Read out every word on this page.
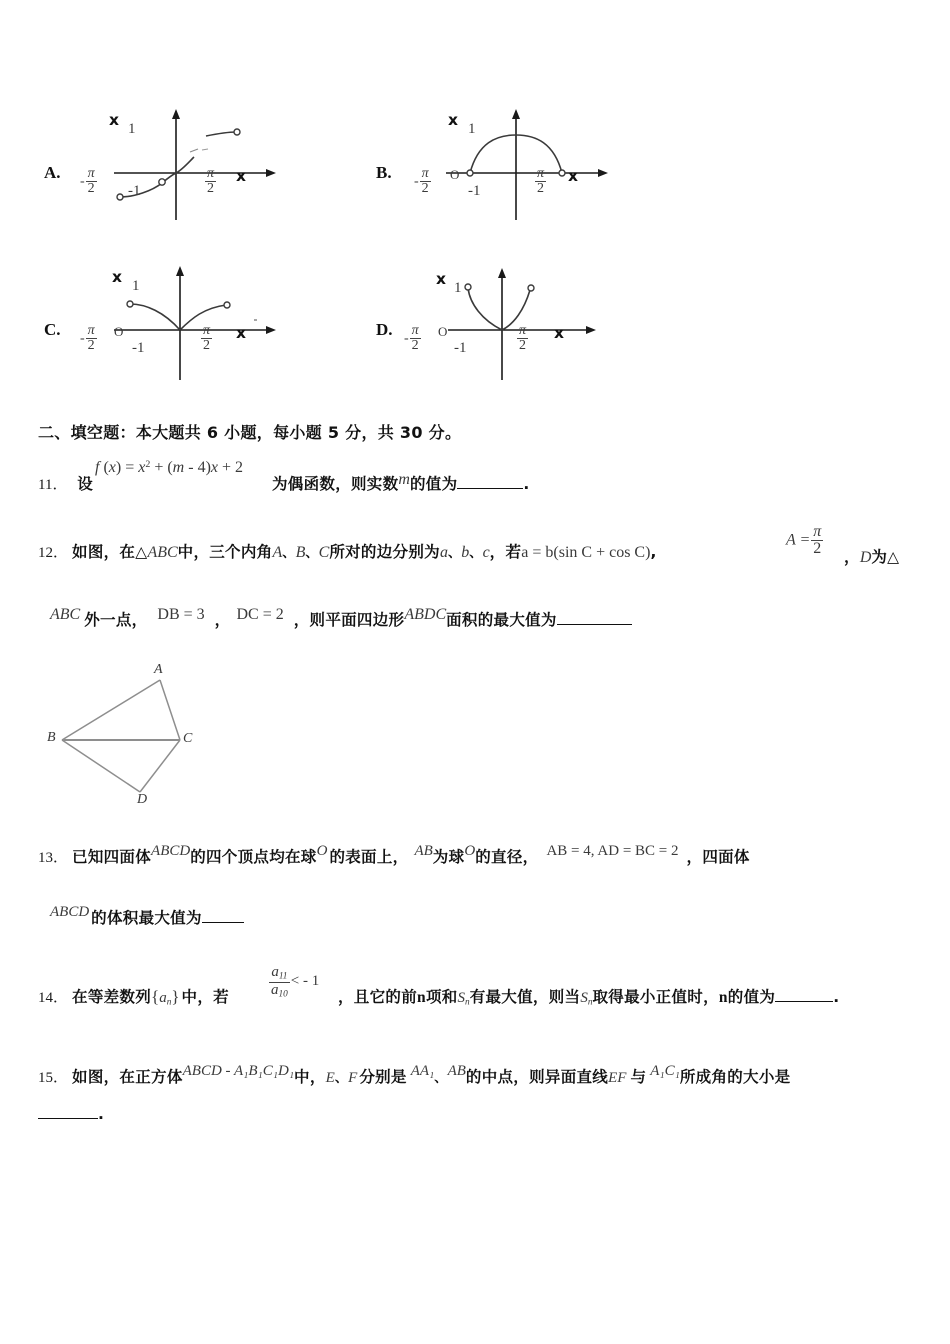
A.
x 1
-1
x
- $\frac{\pi}{2}$	$\frac{\pi}{2}$	B.
x 1
-1
x
O
- $\frac{\pi}{2}$	$\frac{\pi}{2}$
C.
x 1
-1
x
O
- $\frac{\pi}{2}$	$\frac{\pi}{2}$	D.
x 1
-1
x
O
- $\frac{\pi}{2}$	$\frac{\pi}{2}$
二、填空题：本大题共 6 小题，每小题 5 分，共 30 分。
11． 设
f $(x) = x^2 + (m - 4)x + 2$
为偶函数，则实数m的值为	.
12． 如图，在△ABC中，三个内角A、B、C所对的边分别为a、b、c，若a = b(sin C + cos C),
$A = \frac{\pi}{2}$ ，D为△
ABC 外一点， DB = 3 ， DC = 2 ，则平面四边形ABDC面积的最大值为
A
B	C
D
13． 已知四面体ABCD的四个顶点均在球O 的表面上， AB为球O的直径， AB = 4, AD = BC = 2 ，四面体
ABCD 的体积最大值为
14． 在等差数列$\{a_n\}$ 中，若	$\frac{a_{11}}{a_{10}}$ < - 1
，且它的前n项和$S_n$有最大值，则当$S_n$取得最小正值时，n的值为	.
15． 如图，在正方体ABCD - A₁B₁C₁D₁中，E、F 分别是 AA₁、AB的中点，则异面直线EF 与 A₁C₁所成角的大小是
.
